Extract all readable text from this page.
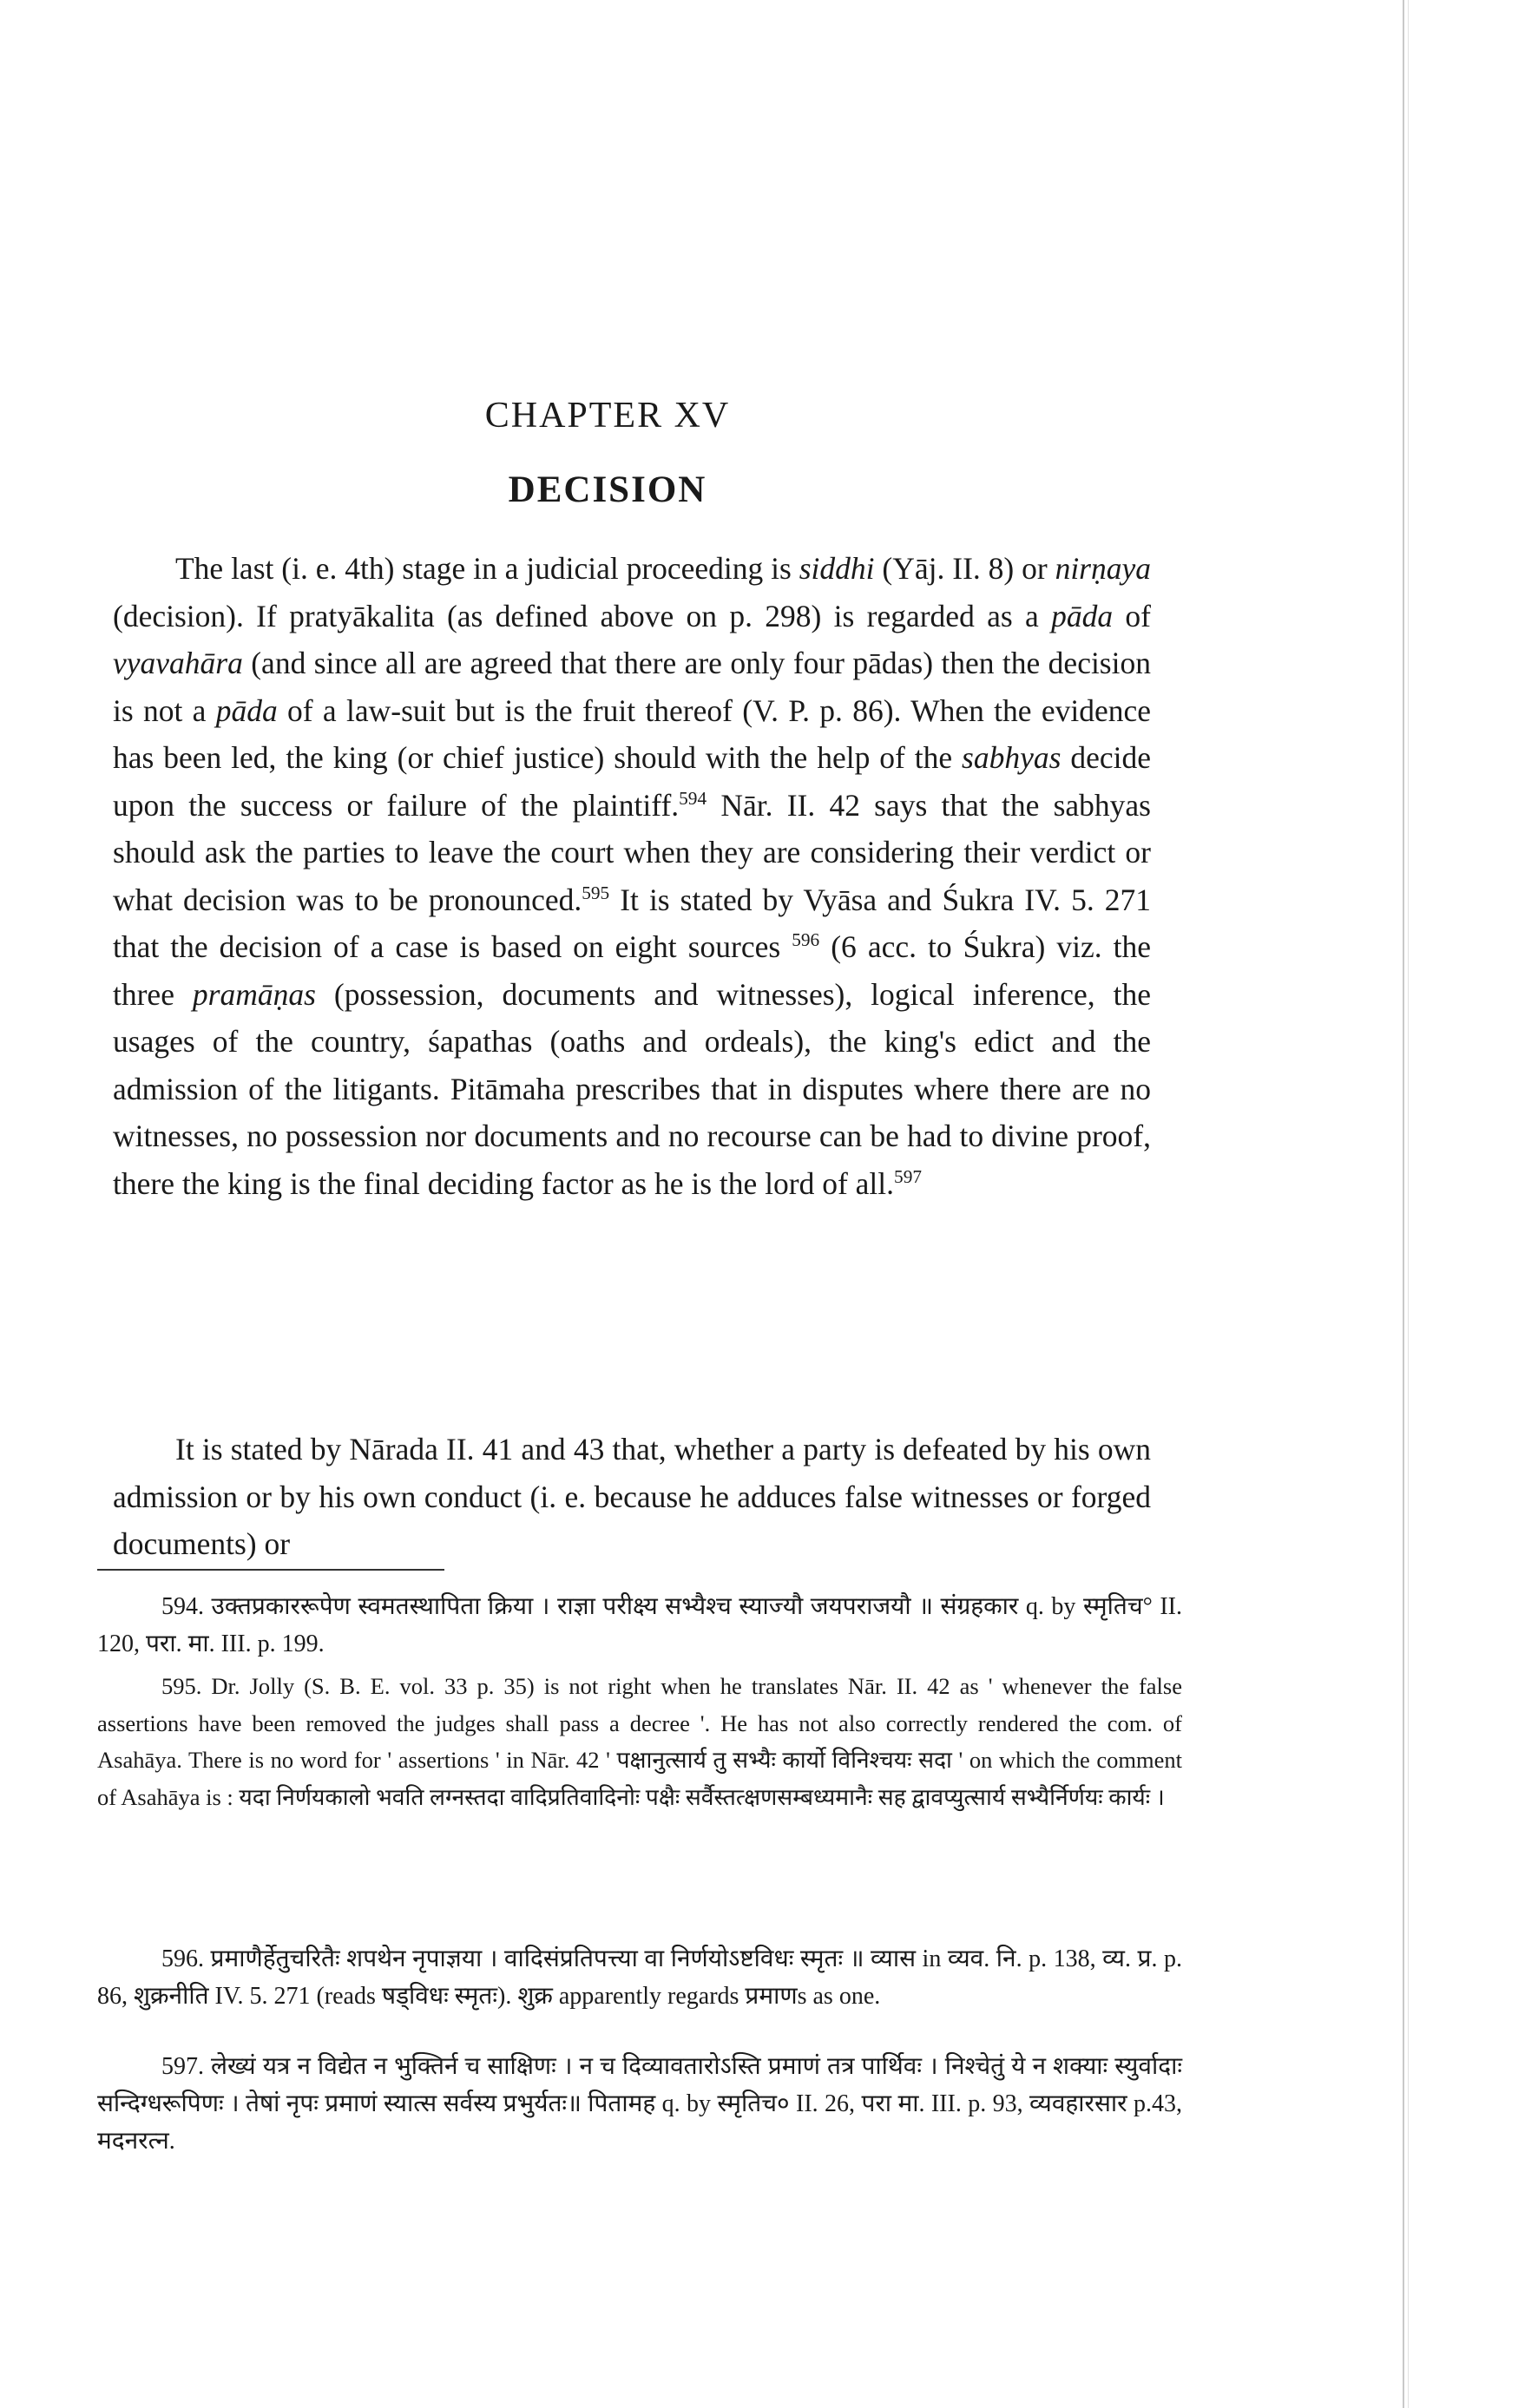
CHAPTER XV
DECISION

The last (i. e. 4th) stage in a judicial proceeding is siddhi (Yāj. II. 8) or nirṇaya (decision). If pratyākalita (as defined above on p. 298) is regarded as a pāda of vyavahāra (and since all are agreed that there are only four pādas) then the decision is not a pāda of a law-suit but is the fruit thereof (V. P. p. 86). When the evidence has been led, the king (or chief justice) should with the help of the sabhyas decide upon the success or failure of the plaintiff.$^{594}$ Nār. II. 42 says that the sabhyas should ask the parties to leave the court when they are considering their verdict or what decision was to be pronounced.$^{595}$ It is stated by Vyāsa and Śukra IV. 5. 271 that the decision of a case is based on eight sources $^{596}$ (6 acc. to Śukra) viz. the three pramāṇas (possession, documents and witnesses), logical inference, the usages of the country, śapathas (oaths and ordeals), the king's edict and the admission of the litigants. Pitāmaha prescribes that in disputes where there are no witnesses, no possession nor documents and no recourse can be had to divine proof, there the king is the final deciding factor as he is the lord of all.$^{597}$

It is stated by Nārada II. 41 and 43 that, whether a party is defeated by his own admission or by his own conduct (i. e. because he adduces false witnesses or forged documents) or

594. उक्तप्रकाररूपेण स्वमतस्थापिता क्रिया । राज्ञा परीक्ष्य सभ्यैश्च स्याज्यौ जयपराजयौ ॥ संग्रहकार q. by स्मृतिच° II. 120, परा. मा. III. p. 199.

595. Dr. Jolly (S. B. E. vol. 33 p. 35) is not right when he translates Nār. II. 42 as ' whenever the false assertions have been removed the judges shall pass a decree '. He has not also correctly rendered the com. of Asahāya. There is no word for ' assertions ' in Nār. 42 ' पक्षानुत्सार्य तु सभ्यैः कार्यो विनिश्चयः सदा ' on which the comment of Asahāya is : यदा निर्णयकालो भवति लग्नस्तदा वादिप्रतिवादिनोः पक्षैः सर्वैस्तत्क्षणसम्बध्यमानैः सह द्वावप्युत्सार्य सभ्यैर्निर्णयः कार्यः ।

596. प्रमाणैर्हेतुचरितैः शपथेन नृपाज्ञया । वादिसंप्रतिपत्त्या वा निर्णयोऽष्टविधः स्मृतः ॥ व्यास in व्यव. नि. p. 138, व्य. प्र. p. 86, शुक्रनीति IV. 5. 271 (reads षड्विधः स्मृतः). शुक्र apparently regards प्रमाणs as one.

597. लेख्यं यत्र न विद्येत न भुक्तिर्न च साक्षिणः । न च दिव्यावतारोऽस्ति प्रमाणं तत्र पार्थिवः । निश्चेतुं ये न शक्याः स्युर्वादाः सन्दिग्धरूपिणः । तेषां नृपः प्रमाणं स्यात्स सर्वस्य प्रभुर्यतः॥ पितामह q. by स्मृतिच० II. 26, परा मा. III. p. 93, व्यवहारसार p.43, मदनरत्न.
